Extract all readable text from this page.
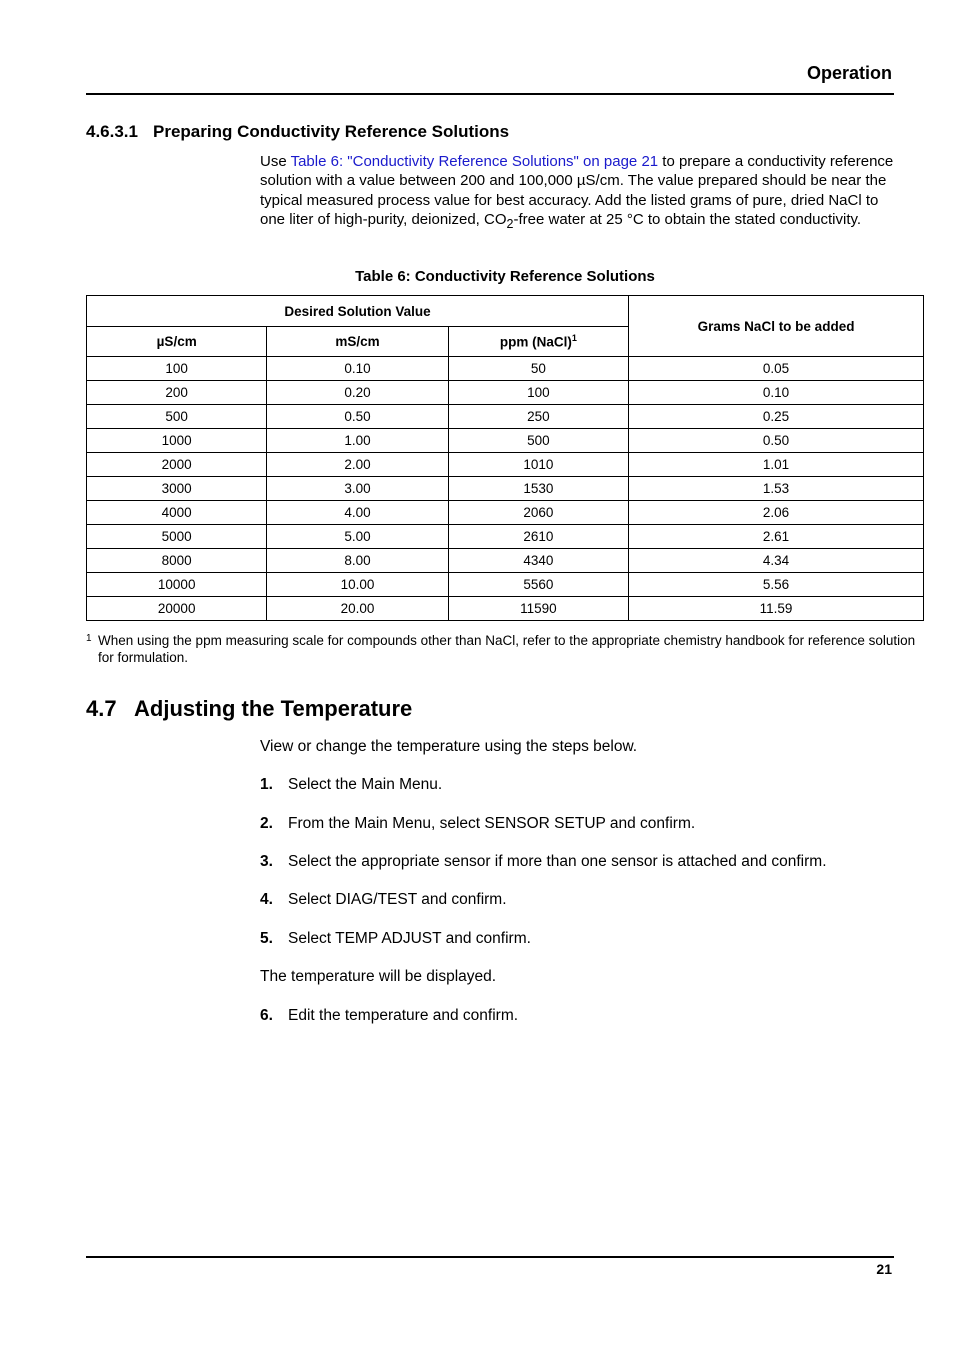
Operation
4.6.3.1 Preparing Conductivity Reference Solutions
Use Table 6: "Conductivity Reference Solutions" on page 21 to prepare a conductivity reference solution with a value between 200 and 100,000 µS/cm. The value prepared should be near the typical measured process value for best accuracy. Add the listed grams of pure, dried NaCl to one liter of high-purity, deionized, $CO_2$-free water at 25 °C to obtain the stated conductivity.
Table 6: Conductivity Reference Solutions
Desired Solution Value			Grams NaCl to be added
µS/cm	mS/cm	ppm (NaCl)$^1$
100	0.10	50	0.05
200	0.20	100	0.10
500	0.50	250	0.25
1000	1.00	500	0.50
2000	2.00	1010	1.01
3000	3.00	1530	1.53
4000	4.00	2060	2.06
5000	5.00	2610	2.61
8000	8.00	4340	4.34
10000	10.00	5560	5.56
20000	20.00	11590	11.59
1 When using the ppm measuring scale for compounds other than NaCl, refer to the appropriate chemistry handbook for reference solution for formulation.
4.7 Adjusting the Temperature
View or change the temperature using the steps below.
1. Select the Main Menu.
2. From the Main Menu, select SENSOR SETUP and confirm.
3. Select the appropriate sensor if more than one sensor is attached and confirm.
4. Select DIAG/TEST and confirm.
5. Select TEMP ADJUST and confirm.
The temperature will be displayed.
6. Edit the temperature and confirm.
21
